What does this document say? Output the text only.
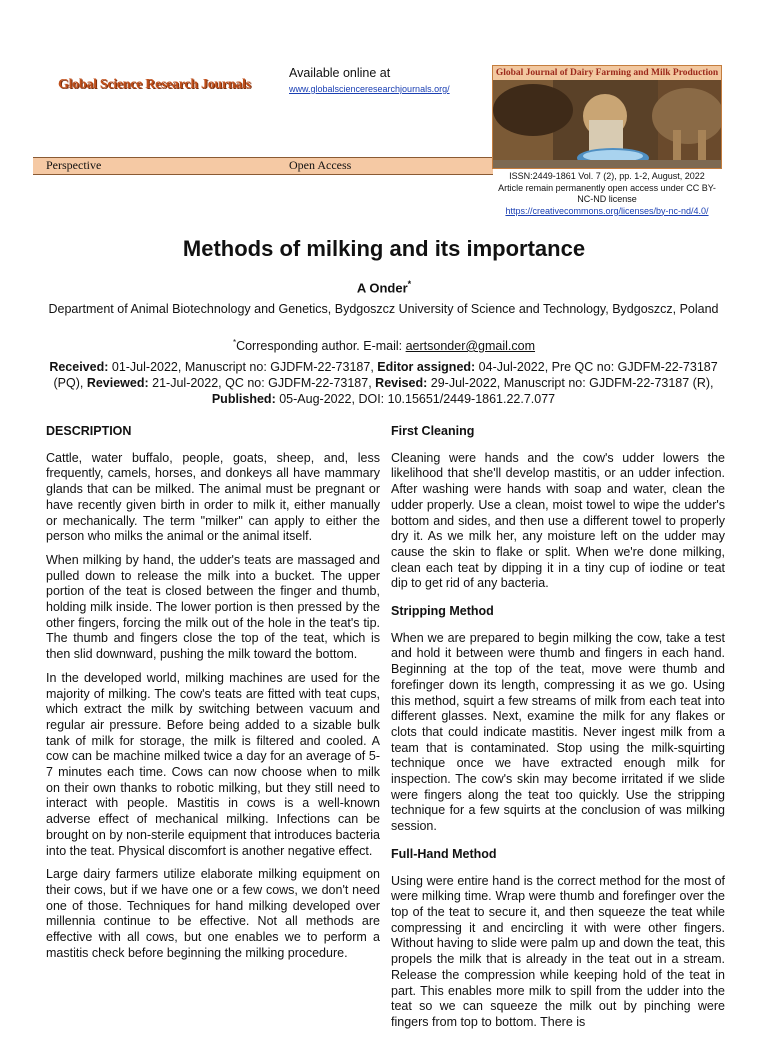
Global Science Research Journals
Available online at
www.globalscienceresearchjournals.org/
Perspective	Open Access
Global Journal of Dairy Farming and Milk Production
ISSN:2449-1861 Vol. 7 (2), pp. 1-2, August, 2022
Article remain permanently open access under CC BY-NC-ND license
https://creativecommons.org/licenses/by-nc-nd/4.0/
Methods of milking and its importance
A Onder*
Department of Animal Biotechnology and Genetics, Bydgoszcz University of Science and Technology, Bydgoszcz, Poland
*Corresponding author. E-mail: aertsonder@gmail.com
Received: 01-Jul-2022, Manuscript no: GJDFM-22-73187, Editor assigned: 04-Jul-2022, Pre QC no: GJDFM-22-73187 (PQ), Reviewed: 21-Jul-2022, QC no: GJDFM-22-73187, Revised: 29-Jul-2022, Manuscript no: GJDFM-22-73187 (R), Published: 05-Aug-2022, DOI: 10.15651/2449-1861.22.7.077
DESCRIPTION

Cattle, water buffalo, people, goats, sheep, and, less frequently, camels, horses, and donkeys all have mammary glands that can be milked. The animal must be pregnant or have recently given birth in order to milk it, either manually or mechanically. The term "milker" can apply to either the person who milks the animal or the animal itself.

When milking by hand, the udder's teats are massaged and pulled down to release the milk into a bucket. The upper portion of the teat is closed between the finger and thumb, holding milk inside. The lower portion is then pressed by the other fingers, forcing the milk out of the hole in the teat's tip. The thumb and fingers close the top of the teat, which is then slid downward, pushing the milk toward the bottom.

In the developed world, milking machines are used for the majority of milking. The cow's teats are fitted with teat cups, which extract the milk by switching between vacuum and regular air pressure. Before being added to a sizable bulk tank of milk for storage, the milk is filtered and cooled. A cow can be machine milked twice a day for an average of 5-7 minutes each time. Cows can now choose when to milk on their own thanks to robotic milking, but they still need to interact with people. Mastitis in cows is a well-known adverse effect of mechanical milking. Infections can be brought on by non-sterile equipment that introduces bacteria into the teat. Physical discomfort is another negative effect.

Large dairy farmers utilize elaborate milking equipment on their cows, but if we have one or a few cows, we don't need one of those. Techniques for hand milking developed over millennia continue to be effective. Not all methods are effective with all cows, but one enables we to perform a mastitis check before beginning the milking procedure.

First Cleaning

Cleaning were hands and the cow's udder lowers the likelihood that she'll develop mastitis, or an udder infection. After washing were hands with soap and water, clean the udder properly. Use a clean, moist towel to wipe the udder's bottom and sides, and then use a different towel to properly dry it. As we milk her, any moisture left on the udder may cause the skin to flake or split. When we're done milking, clean each teat by dipping it in a tiny cup of iodine or teat dip to get rid of any bacteria.

Stripping Method

When we are prepared to begin milking the cow, take a test and hold it between were thumb and fingers in each hand. Beginning at the top of the teat, move were thumb and forefinger down its length, compressing it as we go. Using this method, squirt a few streams of milk from each teat into different glasses. Next, examine the milk for any flakes or clots that could indicate mastitis. Never ingest milk from a team that is contaminated. Stop using the milk-squirting technique once we have extracted enough milk for inspection. The cow's skin may become irritated if we slide were fingers along the teat too quickly. Use the stripping technique for a few squirts at the conclusion of was milking session.

Full-Hand Method

Using were entire hand is the correct method for the most of were milking time. Wrap were thumb and forefinger over the top of the teat to secure it, and then squeeze the teat while compressing it and encircling it with were other fingers. Without having to slide were palm up and down the teat, this propels the milk that is already in the teat out in a stream. Release the compression while keeping hold of the teat in part. This enables more milk to spill from the udder into the teat so we can squeeze the milk out by pinching were fingers from top to bottom. There is
